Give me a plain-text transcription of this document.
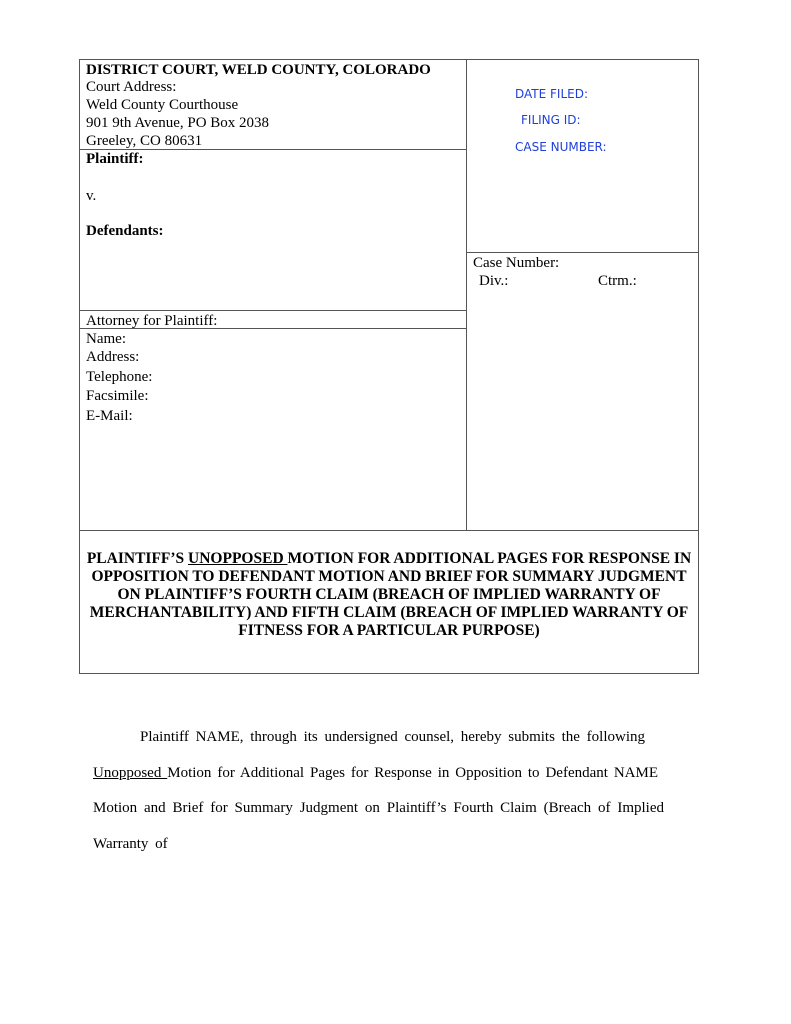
DISTRICT COURT, WELD COUNTY, COLORADO
Court Address:
Weld County Courthouse
901 9th Avenue, PO Box 2038
Greeley, CO 80631
Plaintiff:
v.
Defendants:
DATE FILED:
FILING ID:
CASE NUMBER:
Case Number:
Div.:	Ctrm.:
Attorney for Plaintiff:
Name:
Address:
Telephone:
Facsimile:
E-Mail:
PLAINTIFF’S UNOPPOSED MOTION FOR ADDITIONAL PAGES FOR RESPONSE IN
OPPOSITION TO DEFENDANT MOTION AND BRIEF FOR SUMMARY JUDGMENT
ON PLAINTIFF’S FOURTH CLAIM (BREACH OF IMPLIED WARRANTY OF
MERCHANTABILITY) AND FIFTH CLAIM (BREACH OF IMPLIED WARRANTY OF
FITNESS FOR A PARTICULAR PURPOSE)
Plaintiff NAME, through its undersigned counsel, hereby submits the following
Unopposed Motion for Additional Pages for Response in Opposition to Defendant NAME
Motion and Brief for Summary Judgment on Plaintiff’s Fourth Claim (Breach of Implied
Warranty of
